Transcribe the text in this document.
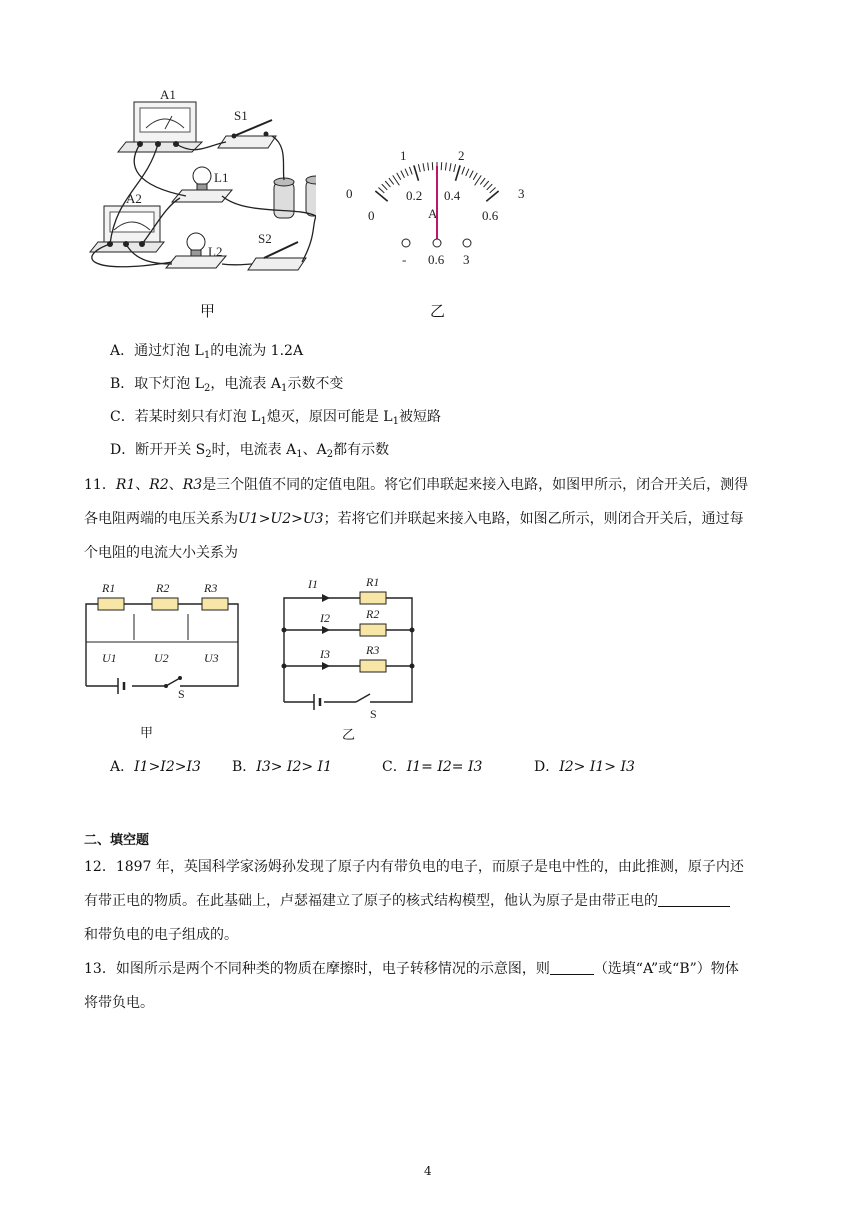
A1
S1
L1
A2
L2
S2
甲
0
1	2
3
0
0.2 0.4
0.6
A
- 0.6 3
乙
A．通过灯泡 $L_1$的电流为 1.2A
B．取下灯泡 $L_2$，电流表 $A_1$示数不变
C．若某时刻只有灯泡 $L_1$熄灭，原因可能是 $L_1$被短路
D．断开开关 $S_2$时，电流表 $A_1$、$A_2$都有示数
11．R1、R2、R3是三个阻值不同的定值电阻。将它们串联起来接入电路，如图甲所示，闭合开关后，测得
各电阻两端的电压关系为U1>U2>U3；若将它们并联起来接入电路，如图乙所示，则闭合开关后，通过每
个电阻的电流大小关系为
R1	R2	R3
U1	U2	U3
S
甲
I1	R1
I2	R2
I3	R3
S
乙
A．I1>I2>I3 B．I3> I2> I1	C．I1= I2= I3	D．I2> I1> I3
二、填空题
12．1897 年，英国科学家汤姆孙发现了原子内有带负电的电子，而原子是电中性的，由此推测，原子内还
有带正电的物质。在此基础上，卢瑟福建立了原子的核式结构模型，他认为原子是由带正电的
和带负电的电子组成的。
13．如图所示是两个不同种类的物质在摩擦时，电子转移情况的示意图，则	（选填“A”或“B”）物体
将带负电。
4
